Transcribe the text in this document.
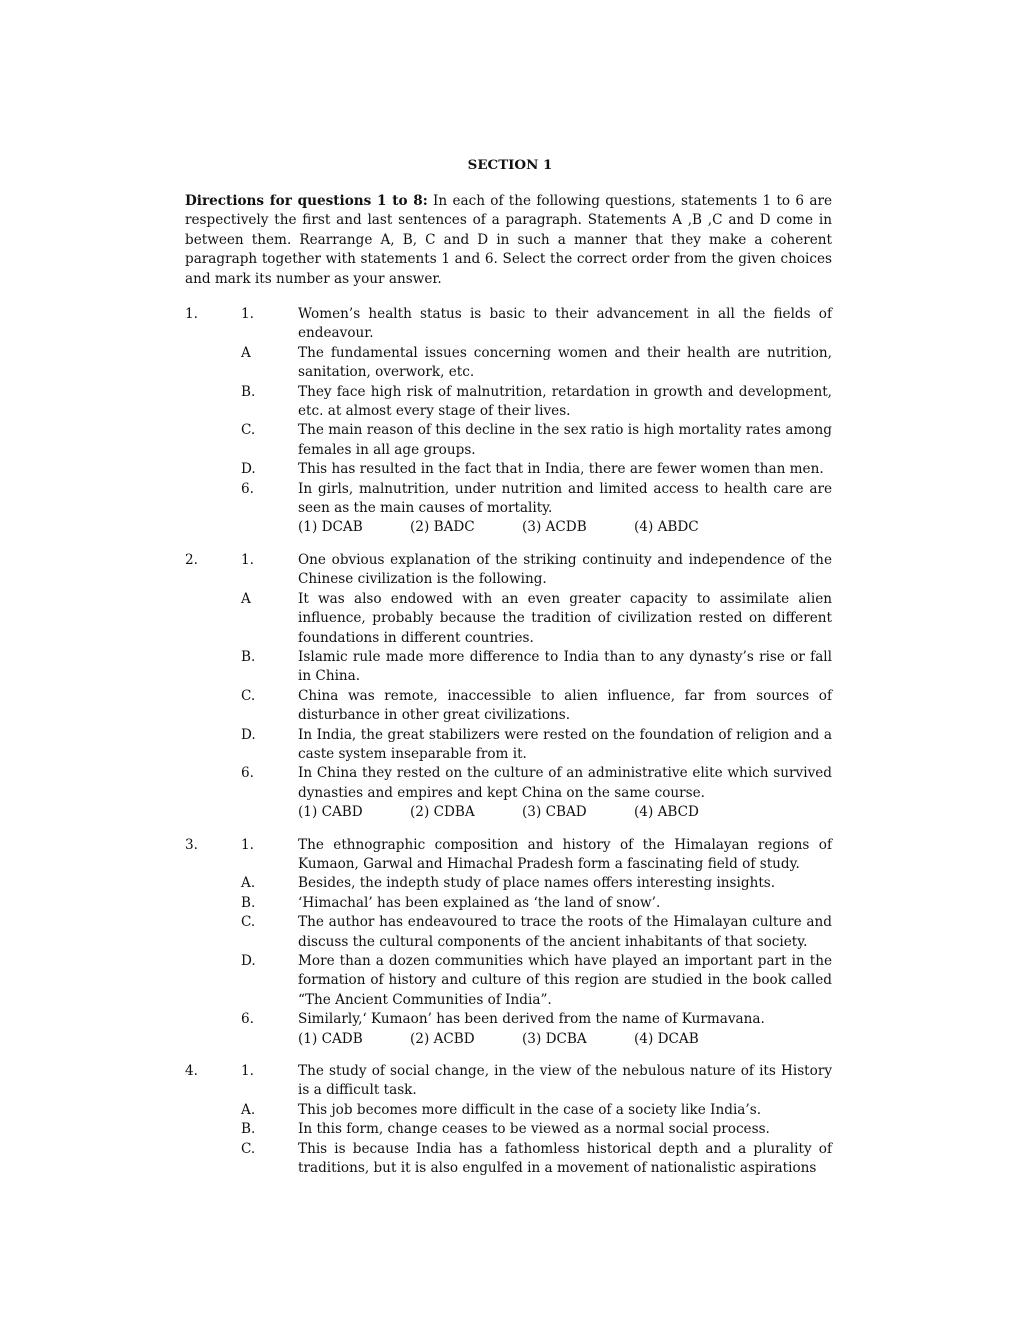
SECTION 1
Directions for questions 1 to 8: In each of the following questions, statements 1 to 6 are respectively the first and last sentences of a paragraph. Statements A ,B ,C and D come in between them. Rearrange A, B, C and D in such a manner that they make a coherent paragraph together with statements 1 and 6. Select the correct order from the given choices and mark its number as your answer.
1.	1.	Women’s health status is basic to their advancement in all the fields of endeavour.
A	The fundamental issues concerning women and their health are nutrition, sanitation, overwork, etc.
B.	They face high risk of malnutrition, retardation in growth and development, etc. at almost every stage of their lives.
C.	The main reason of this decline in the sex ratio is high mortality rates among females in all age groups.
D.	This has resulted in the fact that in India, there are fewer women than men.
6.	In girls, malnutrition, under nutrition and limited access to health care are seen as the main causes of mortality.
(1) DCAB	(2) BADC	(3) ACDB	(4) ABDC
2.	1.	One obvious explanation of the striking continuity and independence of the Chinese civilization is the following.
A	It was also endowed with an even greater capacity to assimilate alien influence, probably because the tradition of civilization rested on different foundations in different countries.
B.	Islamic rule made more difference to India than to any dynasty’s rise or fall in China.
C.	China was remote, inaccessible to alien influence, far from sources of disturbance in other great civilizations.
D.	In India, the great stabilizers were rested on the foundation of religion and a caste system inseparable from it.
6.	In China they rested on the culture of an administrative elite which survived dynasties and empires and kept China on the same course.
(1) CABD	(2) CDBA	(3) CBAD	(4) ABCD
3.	1.	The ethnographic composition and history of the Himalayan regions of Kumaon, Garwal and Himachal Pradesh form a fascinating field of study.
A.	Besides, the indepth study of place names offers interesting insights.
B.	‘Himachal’ has been explained as ‘the land of snow’.
C.	The author has endeavoured to trace the roots of the Himalayan culture and discuss the cultural components of the ancient inhabitants of that society.
D.	More than a dozen communities which have played an important part in the formation of history and culture of this region are studied in the book called “The Ancient Communities of India”.
6.	Similarly,‘ Kumaon’ has been derived from the name of Kurmavana.
(1) CADB	(2) ACBD	(3) DCBA	(4) DCAB
4.	1.	The study of social change, in the view of the nebulous nature of its History is a difficult task.
A.	This job becomes more difficult in the case of a society like India’s.
B.	In this form, change ceases to be viewed as a normal social process.
C.	This is because India has a fathomless historical depth and a plurality of traditions, but it is also engulfed in a movement of nationalistic aspirations
